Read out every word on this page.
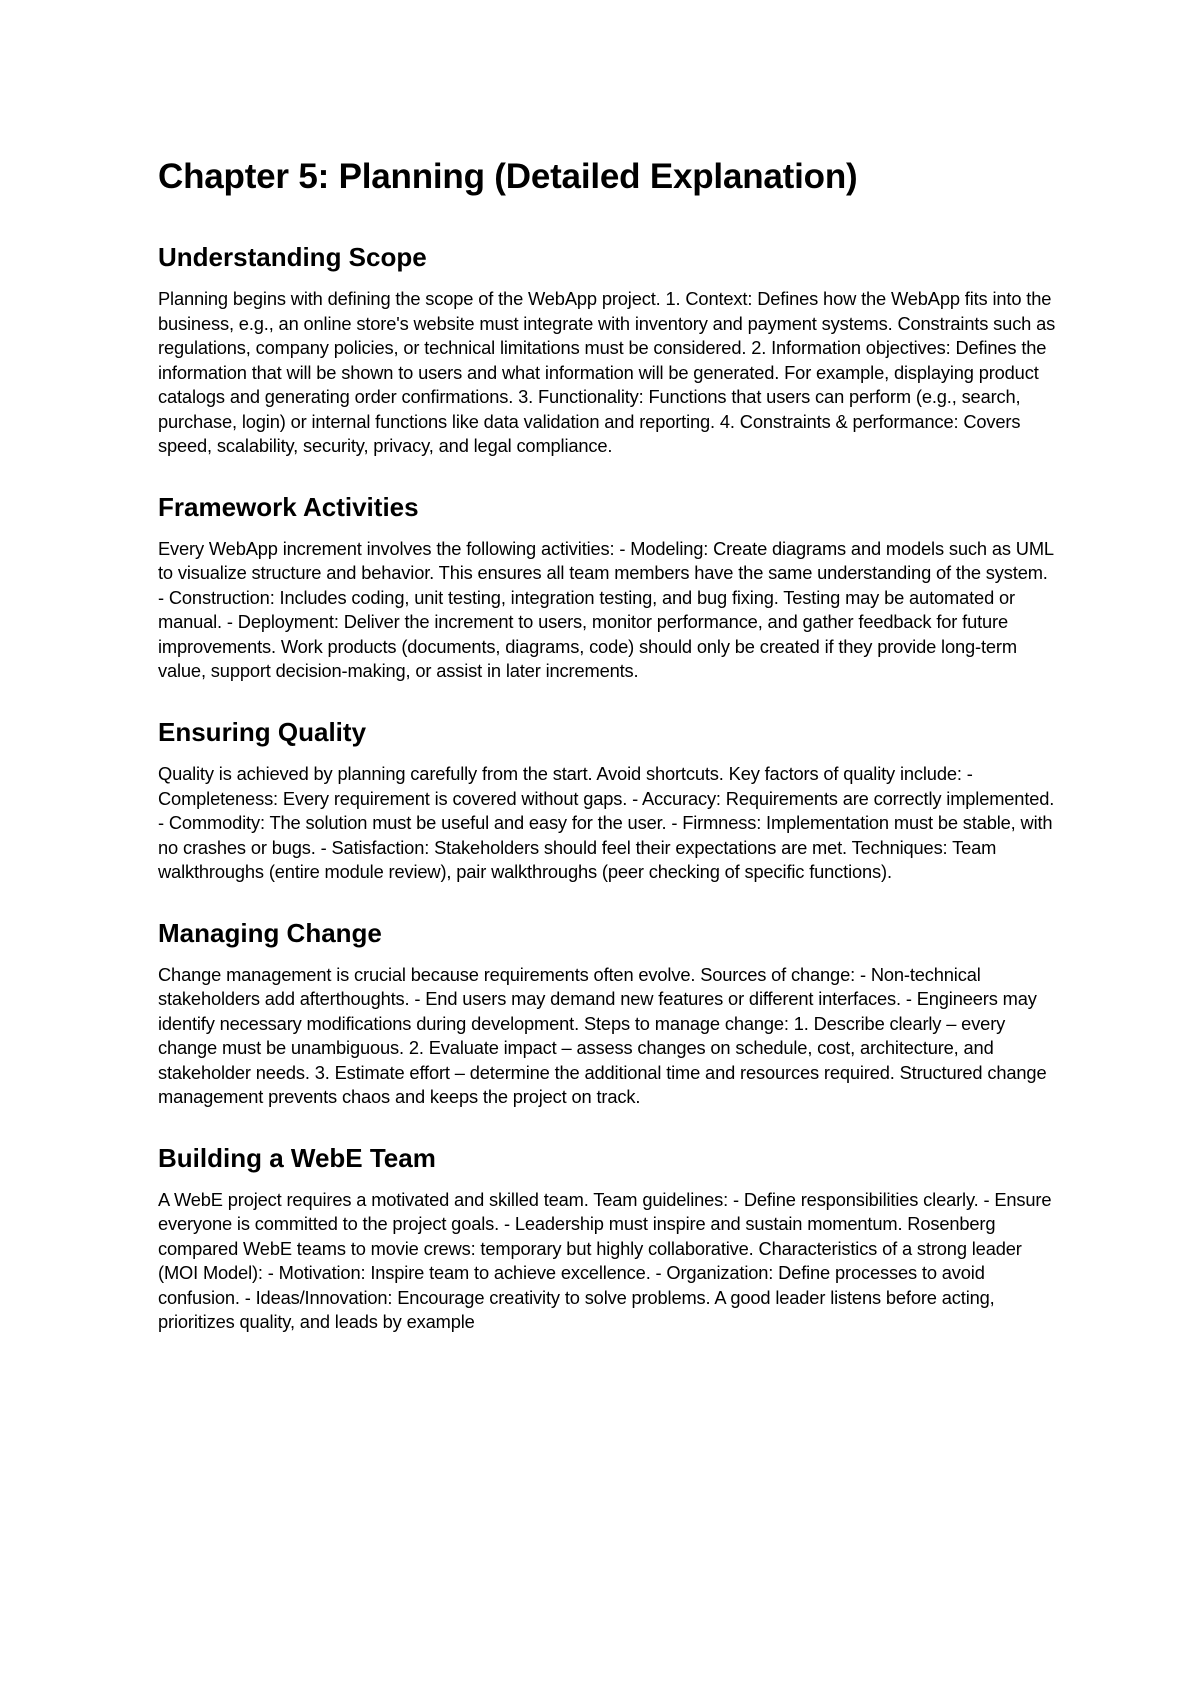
Chapter 5: Planning (Detailed Explanation)
Understanding Scope

Planning begins with defining the scope of the WebApp project. 1. Context: Defines how the WebApp fits into the business, e.g., an online store's website must integrate with inventory and payment systems. Constraints such as regulations, company policies, or technical limitations must be considered. 2. Information objectives: Defines the information that will be shown to users and what information will be generated. For example, displaying product catalogs and generating order confirmations. 3. Functionality: Functions that users can perform (e.g., search, purchase, login) or internal functions like data validation and reporting. 4. Constraints & performance: Covers speed, scalability, security, privacy, and legal compliance.

Framework Activities

Every WebApp increment involves the following activities: - Modeling: Create diagrams and models such as UML to visualize structure and behavior. This ensures all team members have the same understanding of the system. - Construction: Includes coding, unit testing, integration testing, and bug fixing. Testing may be automated or manual. - Deployment: Deliver the increment to users, monitor performance, and gather feedback for future improvements. Work products (documents, diagrams, code) should only be created if they provide long-term value, support decision-making, or assist in later increments.

Ensuring Quality

Quality is achieved by planning carefully from the start. Avoid shortcuts. Key factors of quality include: - Completeness: Every requirement is covered without gaps. - Accuracy: Requirements are correctly implemented. - Commodity: The solution must be useful and easy for the user. - Firmness: Implementation must be stable, with no crashes or bugs. - Satisfaction: Stakeholders should feel their expectations are met. Techniques: Team walkthroughs (entire module review), pair walkthroughs (peer checking of specific functions).

Managing Change

Change management is crucial because requirements often evolve. Sources of change: - Non-technical stakeholders add afterthoughts. - End users may demand new features or different interfaces. - Engineers may identify necessary modifications during development. Steps to manage change: 1. Describe clearly – every change must be unambiguous. 2. Evaluate impact – assess changes on schedule, cost, architecture, and stakeholder needs. 3. Estimate effort – determine the additional time and resources required. Structured change management prevents chaos and keeps the project on track.

Building a WebE Team

A WebE project requires a motivated and skilled team. Team guidelines: - Define responsibilities clearly. - Ensure everyone is committed to the project goals. - Leadership must inspire and sustain momentum. Rosenberg compared WebE teams to movie crews: temporary but highly collaborative. Characteristics of a strong leader (MOI Model): - Motivation: Inspire team to achieve excellence. - Organization: Define processes to avoid confusion. - Ideas/Innovation: Encourage creativity to solve problems. A good leader listens before acting, prioritizes quality, and leads by example
